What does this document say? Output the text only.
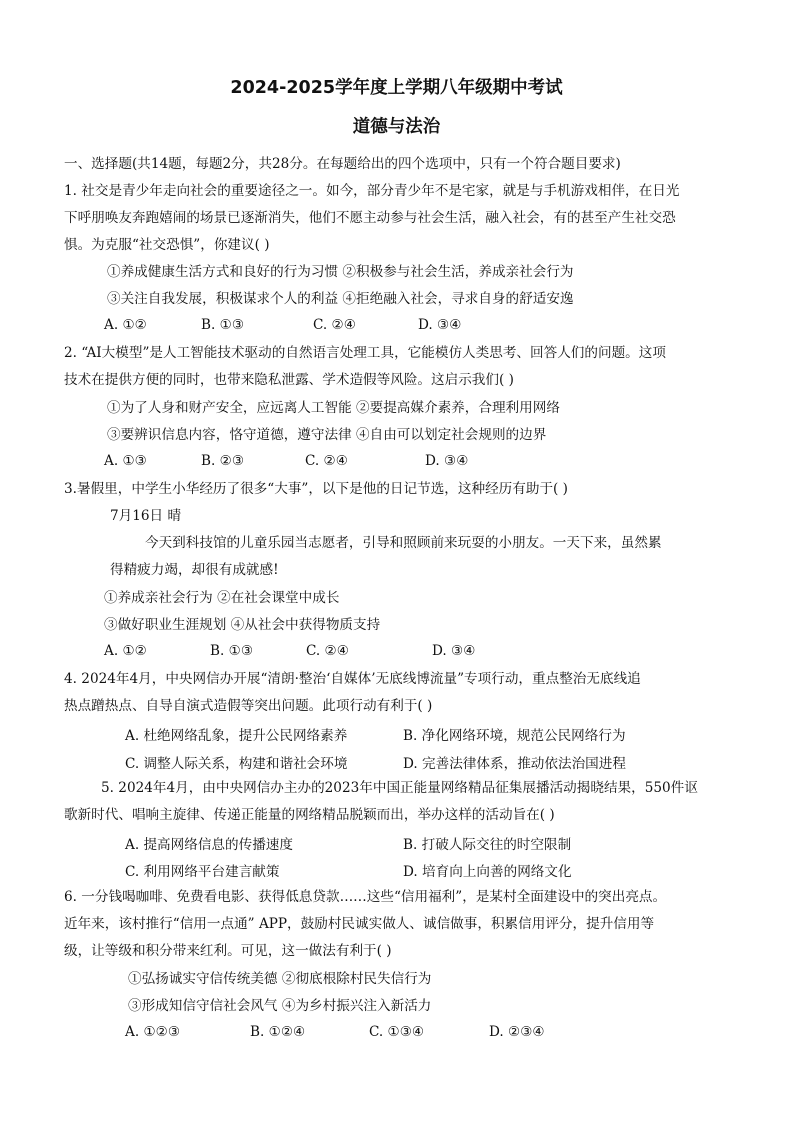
2024-2025学年度上学期八年级期中考试
道德与法治
一、选择题(共14题，每题2分，共28分。在每题给出的四个选项中，只有一个符合题目要求)
1. 社交是青少年走向社会的重要途径之一。如今，部分青少年不是宅家，就是与手机游戏相伴，在日光
下呼朋唤友奔跑嬉闹的场景已逐渐消失，他们不愿主动参与社会生活，融入社会，有的甚至产生社交恐
惧。为克服“社交恐惧”，你建议( )
①养成健康生活方式和良好的行为习惯 ②积极参与社会生活，养成亲社会行为
③关注自我发展，积极谋求个人的利益 ④拒绝融入社会，寻求自身的舒适安逸
A. ①②	B. ①③	C. ②④	D. ③④
2. “AI大模型”是人工智能技术驱动的自然语言处理工具，它能模仿人类思考、回答人们的问题。这项
技术在提供方便的同时，也带来隐私泄露、学术造假等风险。这启示我们( )
①为了人身和财产安全，应远离人工智能 ②要提高媒介素养，合理利用网络
③要辨识信息内容，恪守道德，遵守法律 ④自由可以划定社会规则的边界
A. ①③	B. ②③	C. ②④	D. ③④
3.暑假里，中学生小华经历了很多“大事”，以下是他的日记节选，这种经历有助于( )
7月16日 晴
今天到科技馆的儿童乐园当志愿者，引导和照顾前来玩耍的小朋友。一天下来，虽然累
得精疲力竭，却很有成就感!
①养成亲社会行为 ②在社会课堂中成长
③做好职业生涯规划 ④从社会中获得物质支持
A. ①②	B. ①③	C. ②④	D. ③④
4. 2024年4月，中央网信办开展“清朗·整治‘自媒体’无底线博流量”专项行动，重点整治无底线追
热点蹭热点、自导自演式造假等突出问题。此项行动有利于( )
A. 杜绝网络乱象，提升公民网络素养	B. 净化网络环境，规范公民网络行为
C. 调整人际关系，构建和谐社会环境	D. 完善法律体系，推动依法治国进程
5. 2024年4月，由中央网信办主办的2023年中国正能量网络精品征集展播活动揭晓结果，550件讴
歌新时代、唱响主旋律、传递正能量的网络精品脱颖而出，举办这样的活动旨在( )
A. 提高网络信息的传播速度	B. 打破人际交往的时空限制
C. 利用网络平台建言献策	D. 培育向上向善的网络文化
6. 一分钱喝咖啡、免费看电影、获得低息贷款……这些“信用福利”，是某村全面建设中的突出亮点。
近年来，该村推行“信用一点通” APP，鼓励村民诚实做人、诚信做事，积累信用评分，提升信用等
级，让等级和积分带来红利。可见，这一做法有利于( )
①弘扬诚实守信传统美德 ②彻底根除村民失信行为
③形成知信守信社会风气 ④为乡村振兴注入新活力
A. ①②③	B. ①②④	C. ①③④	D. ②③④
